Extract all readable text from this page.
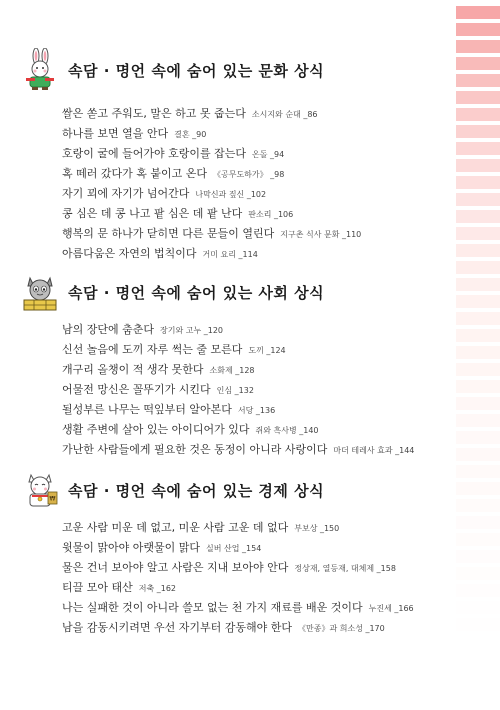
속담 · 명언 속에 숨어 있는 문화 상식
쌀은 쏟고 주워도, 말은 하고 못 줍는다 소시지와 순대 _86
하나를 보면 열을 안다 결혼 _90
호랑이 굴에 들어가야 호랑이를 잡는다 온돌 _94
혹 떼러 갔다가 혹 붙이고 온다 《공무도하가》 _98
자기 꾀에 자기가 넘어간다 나막신과 짚신 _102
콩 심은 데 콩 나고 팥 심은 데 팥 난다 판소리 _106
행복의 문 하나가 닫히면 다른 문들이 열린다 지구촌 식사 문화 _110
아름다움은 자연의 법칙이다 거미 요리 _114
속담 · 명언 속에 숨어 있는 사회 상식
남의 장단에 춤춘다 장기와 고누 _120
신선 놀음에 도끼 자루 썩는 줄 모른다 도끼 _124
개구리 올챙이 적 생각 못한다 소화제 _128
어물전 망신은 꼴뚜기가 시킨다 인심 _132
될성부른 나무는 떡잎부터 알아본다 서당 _136
생활 주변에 살아 있는 아이디어가 있다 쥐와 흑사병 _140
가난한 사람들에게 필요한 것은 동정이 아니라 사랑이다 마더 테레사 효과 _144
₩ 속담 · 명언 속에 숨어 있는 경제 상식
고운 사람 미운 데 없고, 미운 사람 고운 데 없다 부보상 _150
윗물이 맑아야 아랫물이 맑다 실버 산업 _154
물은 건너 보아야 알고 사람은 지내 보아야 안다 정상재, 열등재, 대체제 _158
티끌 모아 태산 저축 _162
나는 실패한 것이 아니라 쓸모 없는 천 가지 재료를 배운 것이다 누진세 _166
남을 감동시키려면 우선 자기부터 감동해야 한다 《만종》과 희소성 _170
